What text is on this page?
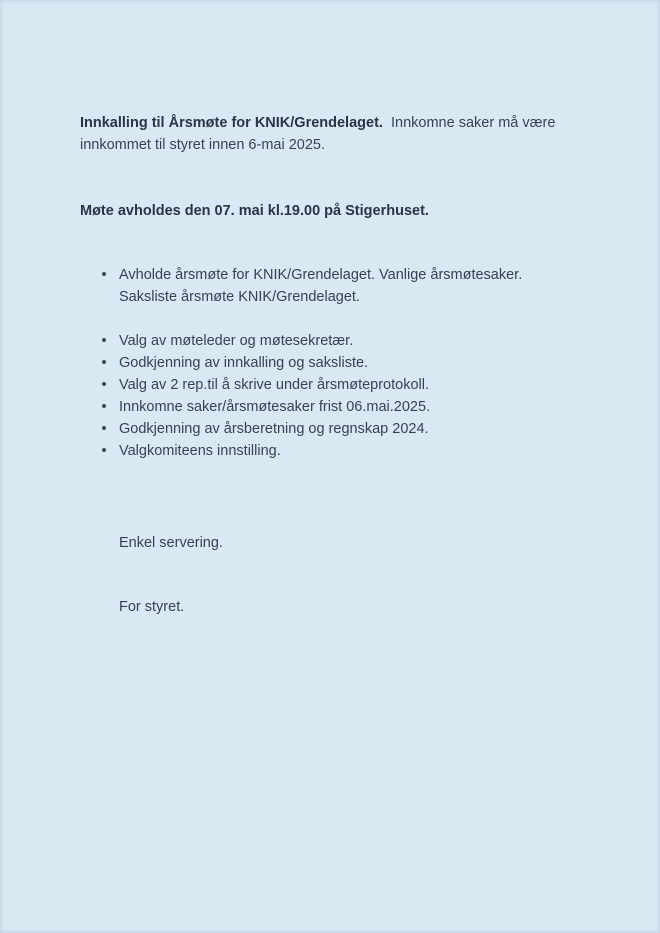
Innkalling til Årsmøte for KNIK/Grendelaget. Innkomne saker må være
innkommet til styret innen 6-mai 2025.
Møte avholdes den 07. mai kl.19.00 på Stigerhuset.
• Avholde årsmøte for KNIK/Grendelaget. Vanlige årsmøtesaker.
Saksliste årsmøte KNIK/Grendelaget.
• Valg av møteleder og møtesekretær.
• Godkjenning av innkalling og saksliste.
• Valg av 2 rep.til å skrive under årsmøteprotokoll.
• Innkomne saker/årsmøtesaker frist 06.mai.2025.
• Godkjenning av årsberetning og regnskap 2024.
• Valgkomiteens innstilling.
Enkel servering.
For styret.
